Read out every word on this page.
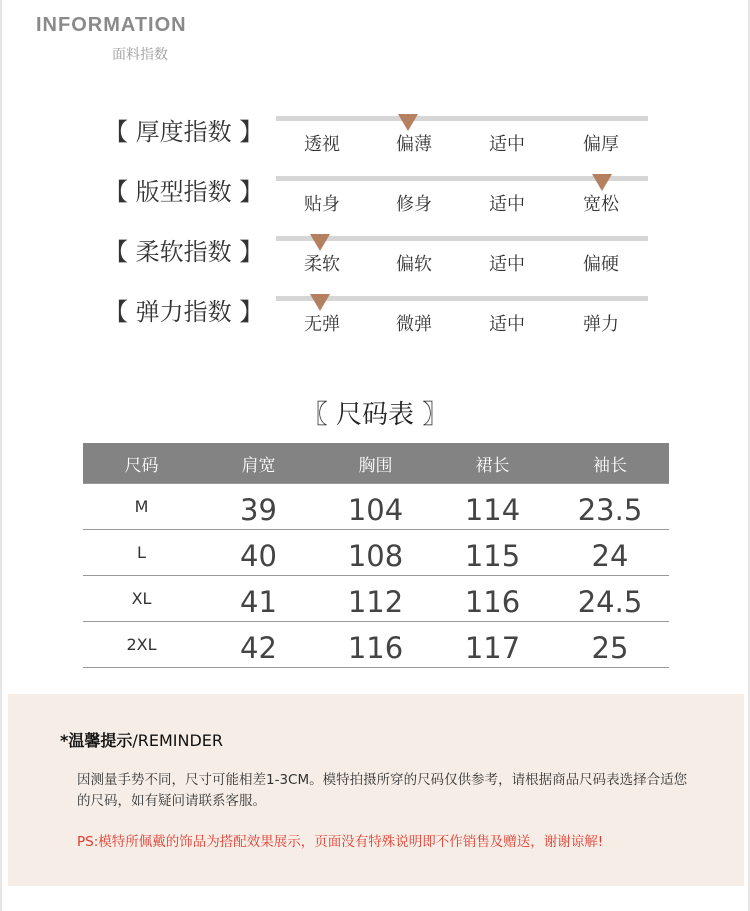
INFORMATION
面料指数
【 厚度指数 】 透视	偏薄	适中	偏厚
【 版型指数 】 贴身	修身	适中	宽松
【 柔软指数 】 柔软	偏软	适中	偏硬
【 弹力指数 】 无弹	微弹	适中	弹力
〖 尺码表 〗
尺码	肩宽	胸围	裙长	袖长
M	39	104	114	23.5
L	40	108	115	24
XL	41	112	116	24.5
2XL	42	116	117	25
*温馨提示/REMINDER
因测量手势不同，尺寸可能相差1-3CM。模特拍摄所穿的尺码仅供参考，请根据商品尺码表选择合适您的尺码，如有疑问请联系客服。
PS:模特所佩戴的饰品为搭配效果展示，页面没有特殊说明即不作销售及赠送，谢谢谅解!
